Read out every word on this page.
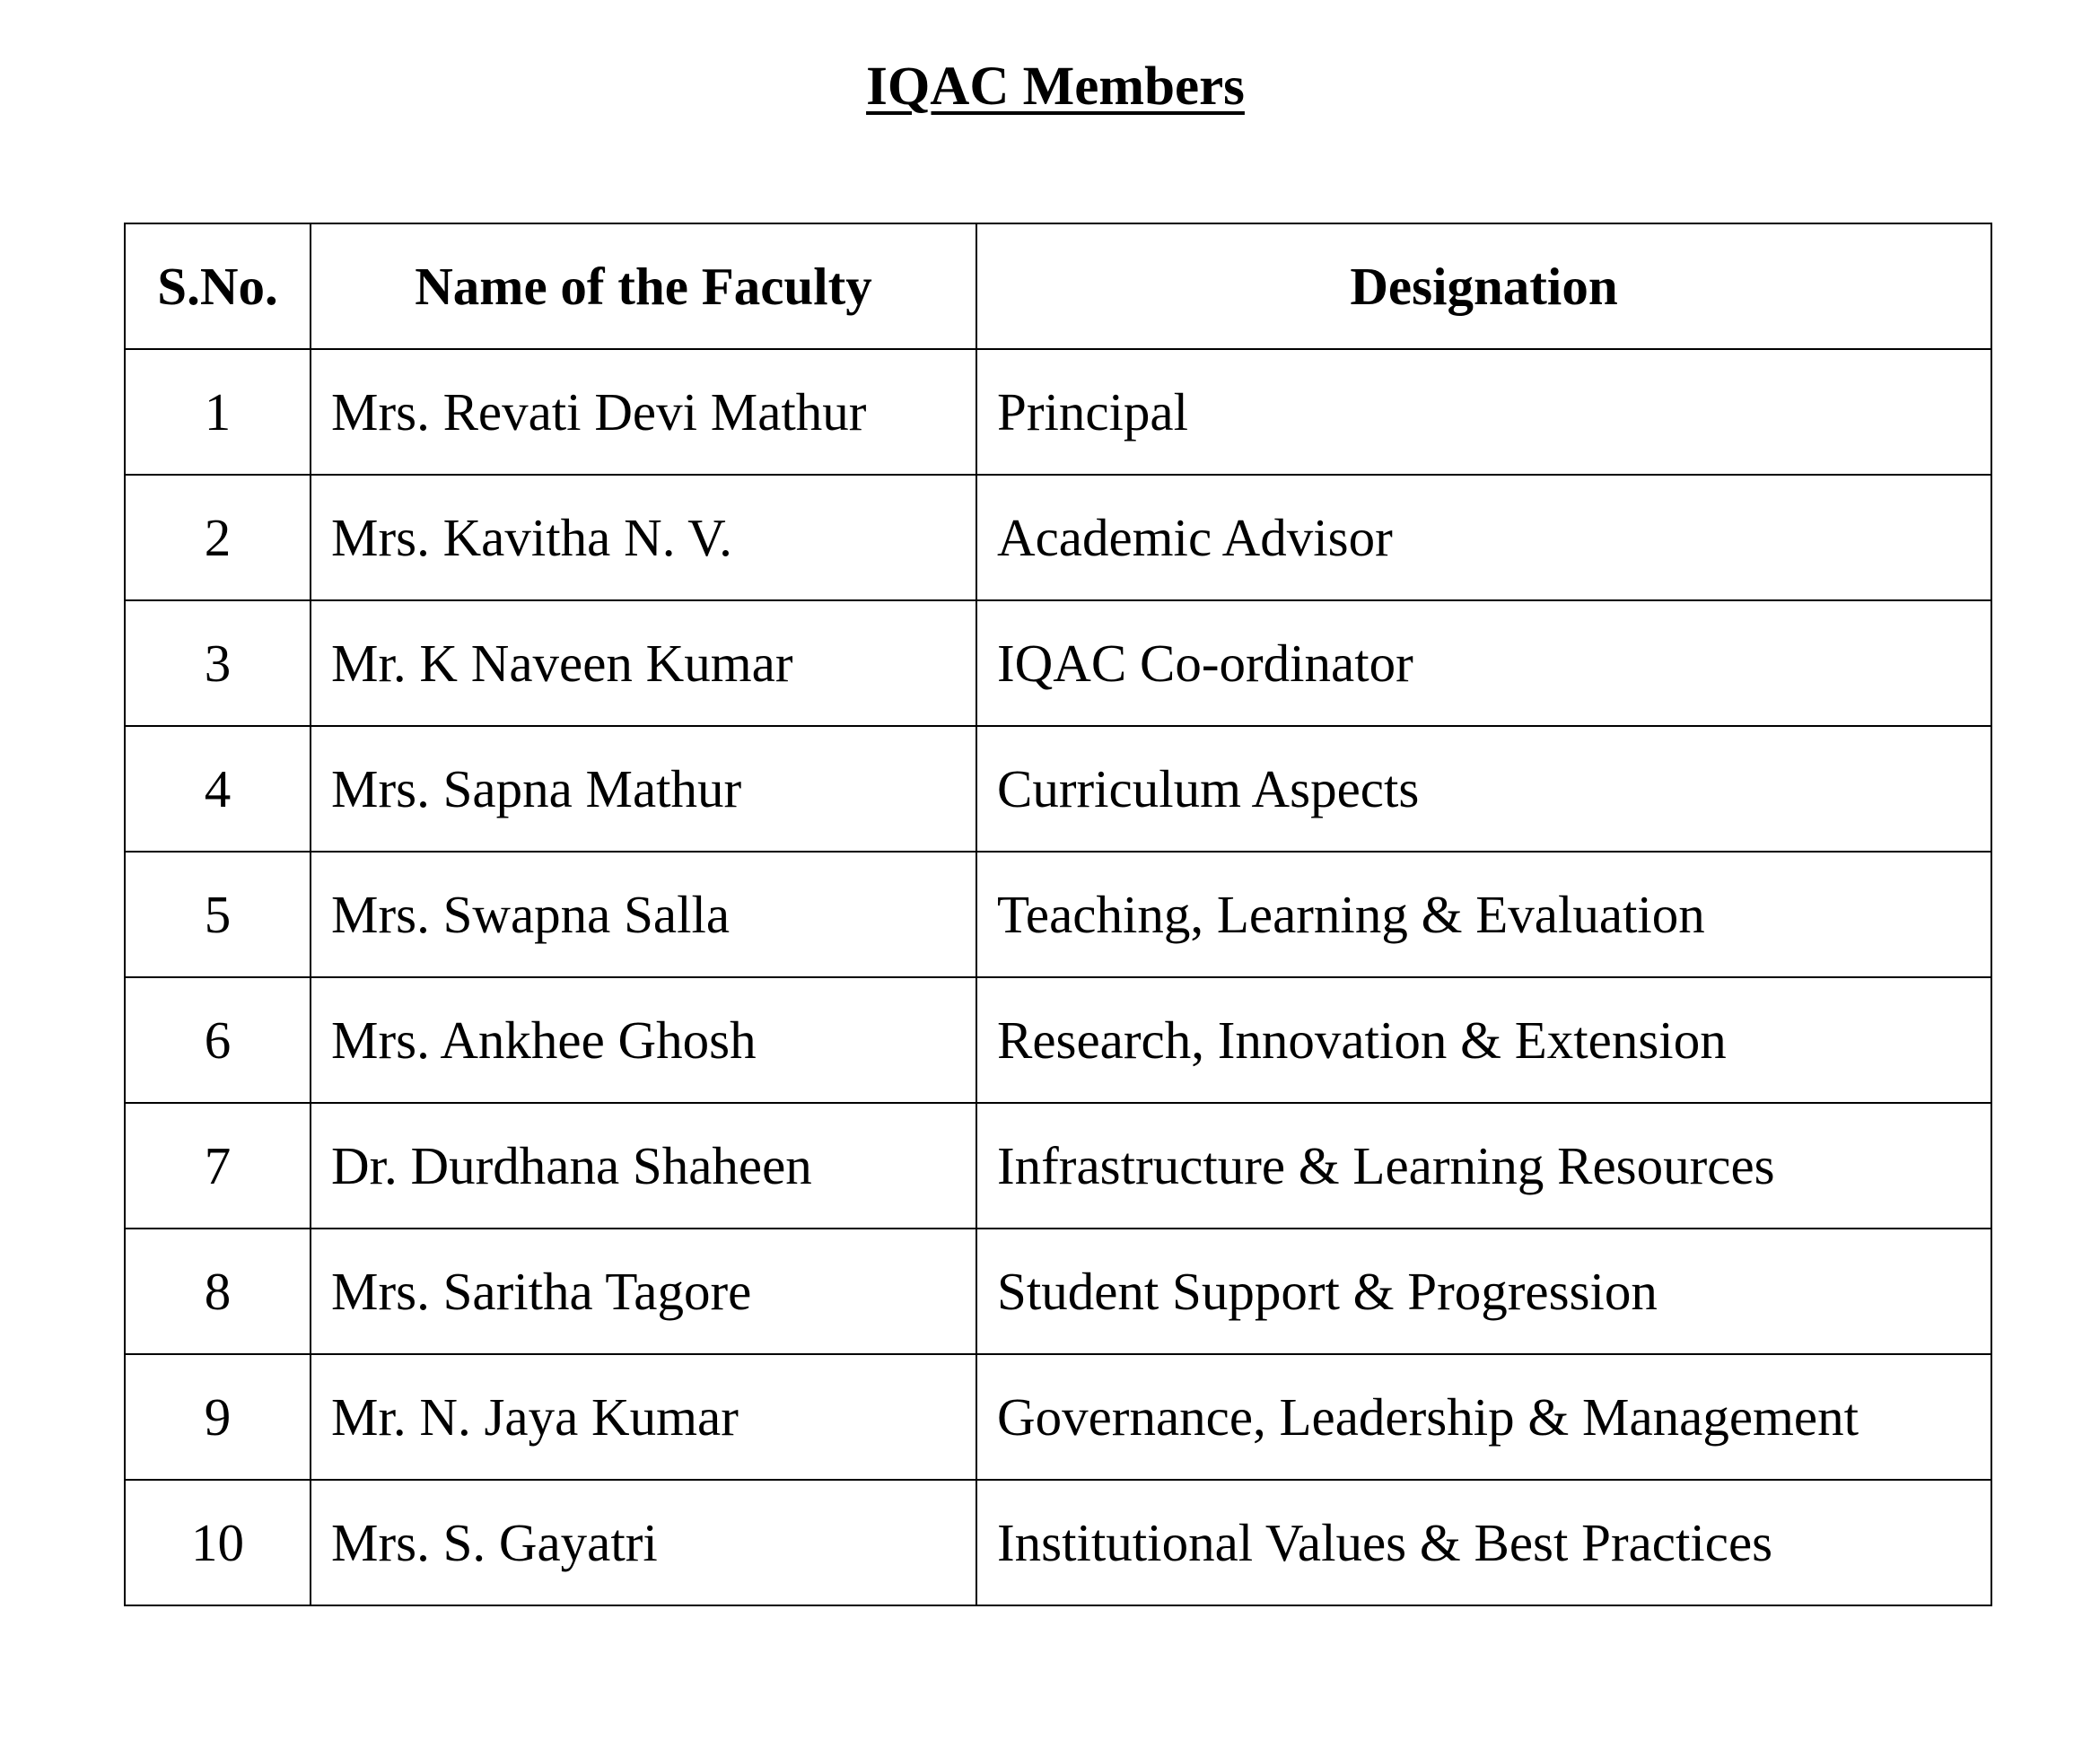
IQAC Members
S.No.	Name of the Faculty	Designation
1	Mrs. Revati Devi Mathur	Principal
2	Mrs. Kavitha N. V.	Academic Advisor
3	Mr. K Naveen Kumar	IQAC Co-ordinator
4	Mrs. Sapna Mathur	Curriculum Aspects
5	Mrs. Swapna Salla	Teaching, Learning & Evaluation
6	Mrs. Ankhee Ghosh	Research, Innovation & Extension
7	Dr. Durdhana Shaheen	Infrastructure & Learning Resources
8	Mrs. Saritha Tagore	Student Support & Progression
9	Mr. N. Jaya Kumar	Governance, Leadership & Management
10	Mrs. S. Gayatri	Institutional Values & Best Practices
